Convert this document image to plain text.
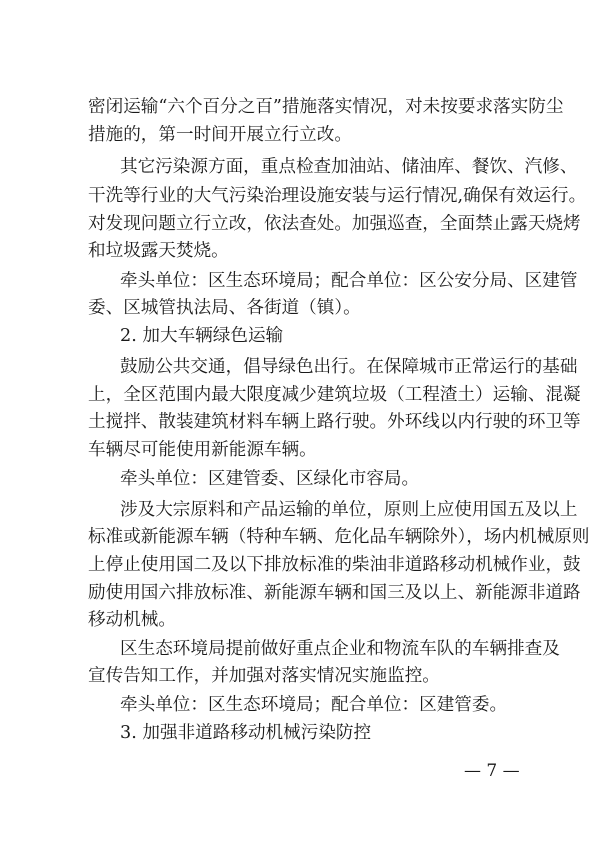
密闭运输“六个百分之百”措施落实情况，对未按要求落实防尘
措施的，第一时间开展立行立改。
其它污染源方面，重点检查加油站、储油库、餐饮、汽修、
干洗等行业的大气污染治理设施安装与运行情况,确保有效运行。
对发现问题立行立改，依法查处。加强巡查，全面禁止露天烧烤
和垃圾露天焚烧。
牵头单位：区生态环境局；配合单位：区公安分局、区建管
委、区城管执法局、各街道（镇）。
2. 加大车辆绿色运输
鼓励公共交通，倡导绿色出行。在保障城市正常运行的基础
上，全区范围内最大限度减少建筑垃圾（工程渣土）运输、混凝
土搅拌、散装建筑材料车辆上路行驶。外环线以内行驶的环卫等
车辆尽可能使用新能源车辆。
牵头单位：区建管委、区绿化市容局。
涉及大宗原料和产品运输的单位，原则上应使用国五及以上
标准或新能源车辆（特种车辆、危化品车辆除外），场内机械原则
上停止使用国二及以下排放标准的柴油非道路移动机械作业，鼓
励使用国六排放标准、新能源车辆和国三及以上、新能源非道路
移动机械。
区生态环境局提前做好重点企业和物流车队的车辆排查及
宣传告知工作，并加强对落实情况实施监控。
牵头单位：区生态环境局；配合单位：区建管委。
3. 加强非道路移动机械污染防控
— 7 —
